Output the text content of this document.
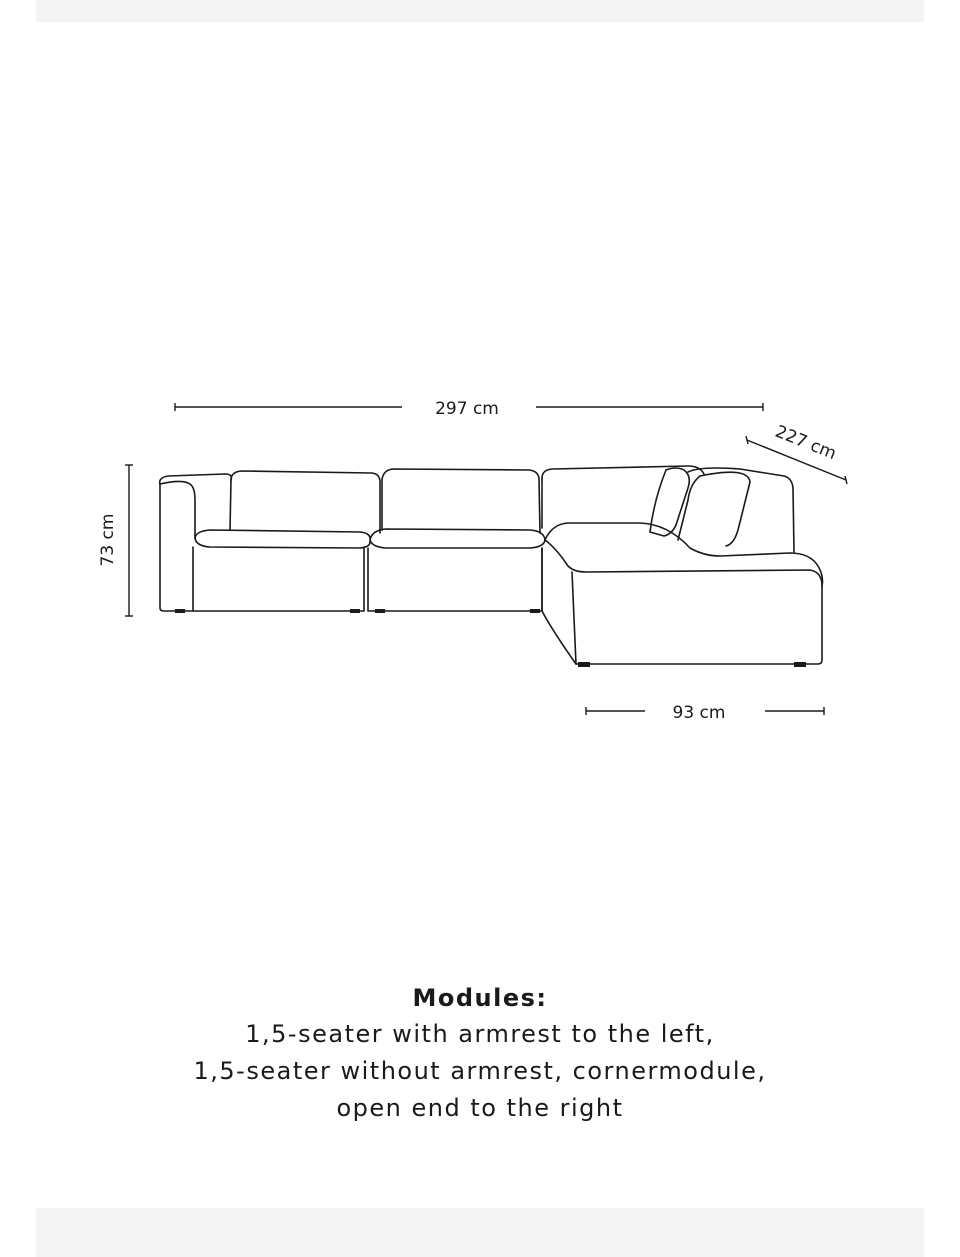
297 cm
227 cm
73 cm
93 cm
Modules:
1,5-seater with armrest to the left,
1,5-seater without armrest, cornermodule,
open end to the right
